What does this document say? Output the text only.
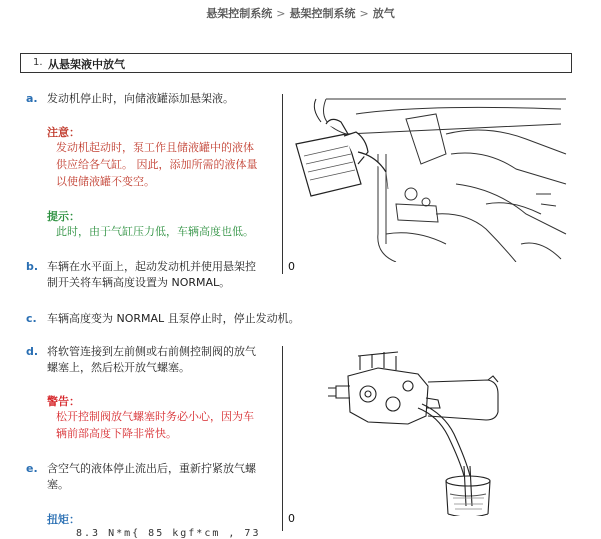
悬架控制系统 > 悬架控制系统 > 放气
1. 从悬架液中放气
a. 发动机停止时，向储液罐添加悬架液。
注意：
发动机起动时，泵工作且储液罐中的液体
供应给各气缸。 因此，添加所需的液体量
以使储液罐不变空。
提示：
此时，由于气缸压力低，车辆高度也低。
b. 车辆在水平面上，起动发动机并使用悬架控
制开关将车辆高度设置为 NORMAL。
0
c. 车辆高度变为 NORMAL 且泵停止时，停止发动机。
d. 将软管连接到左前侧或右前侧控制阀的放气
螺塞上，然后松开放气螺塞。
警告：
松开控制阀放气螺塞时务必小心，因为车
辆前部高度下降非常快。
e. 含空气的液体停止流出后，重新拧紧放气螺
塞。
扭矩：
8.3 N*m{ 85 kgf*cm , 73
0
